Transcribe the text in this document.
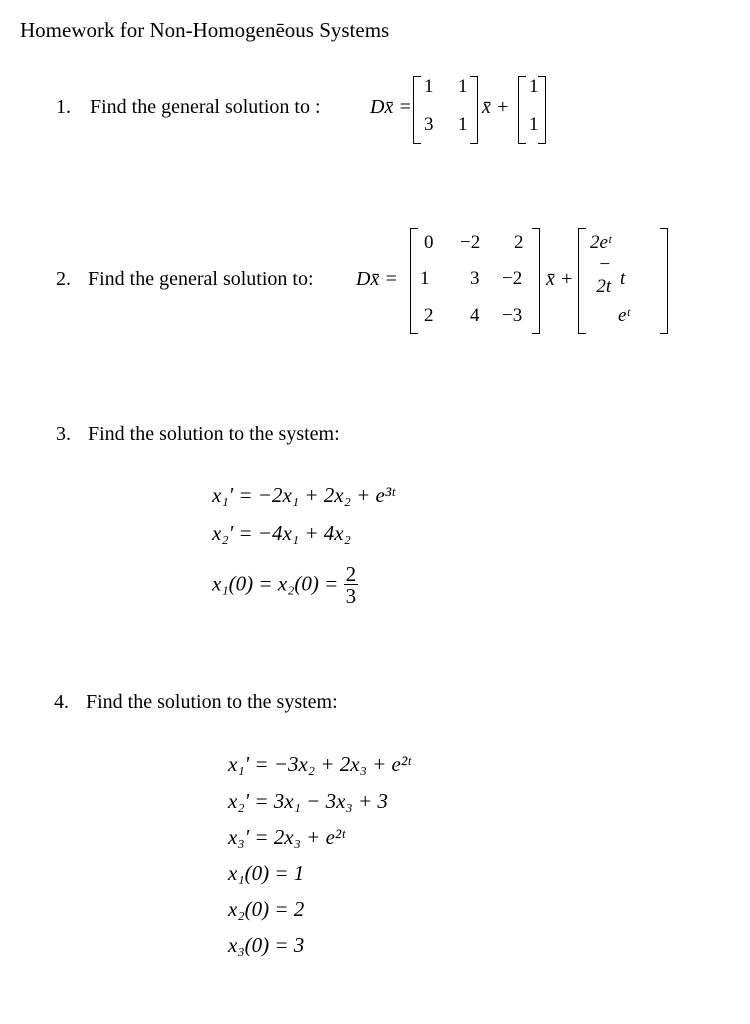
Homework for Non-Homogenēous Systems
1. Find the general solution to : Dx̄ =
1 1
3 1
x̄ +
1
1
2. Find the general solution to: Dx̄ =
0 −2 2
1 3 −2
2 4 −3
x̄ +
2eᵗ − 2t t
eᵗ
3. Find the solution to the system:
x₁' = −2x₁ + 2x₂ + e³ᵗ
x₂' = −4x₁ + 4x₂
$x_1(0) = x_2(0) = \frac{2}{3}$
4. Find the solution to the system:
x₁' = −3x₂ + 2x₃ + e²ᵗ
x₂' = 3x₁ − 3x₃ + 3
x₃' = 2x₃ + e²ᵗ
x₁(0) = 1
x₂(0) = 2
x₃(0) = 3
